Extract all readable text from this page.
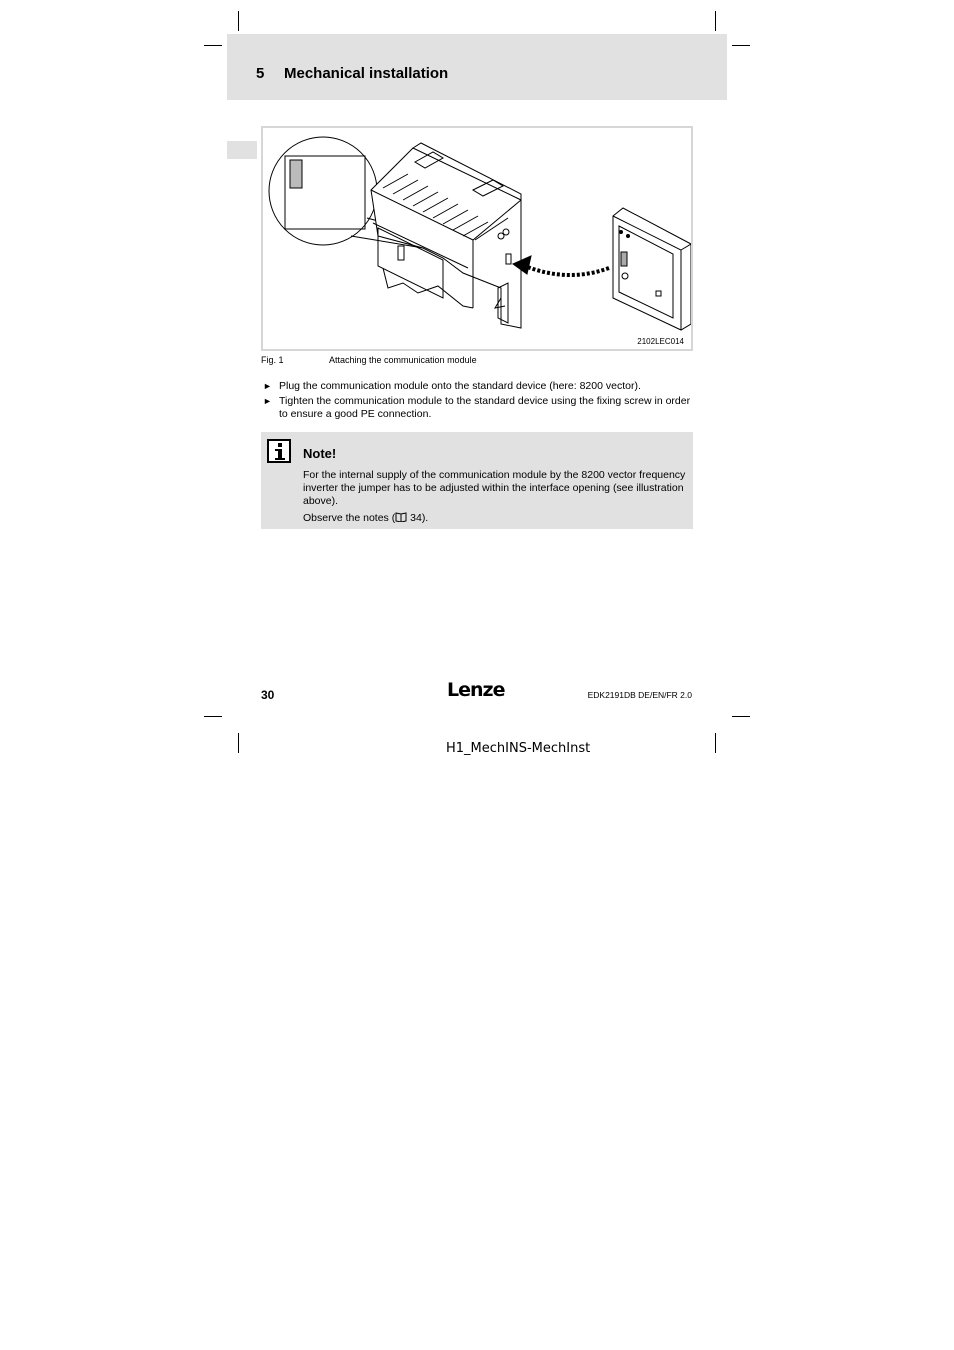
5 Mechanical installation
2102LEC014
Fig. 1	Attaching the communication module
► Plug the communication module onto the standard device (here: 8200 vector).
► Tighten the communication module to the standard device using the fixing screw in order to ensure a good PE connection.
Note!
For the internal supply of the communication module by the 8200 vector frequency inverter the jumper has to be adjusted within the interface opening (see illustration above).
Observe the notes ( 34).
30	Lenze	EDK2191DB DE/EN/FR 2.0
H1_MechINS-MechInst
